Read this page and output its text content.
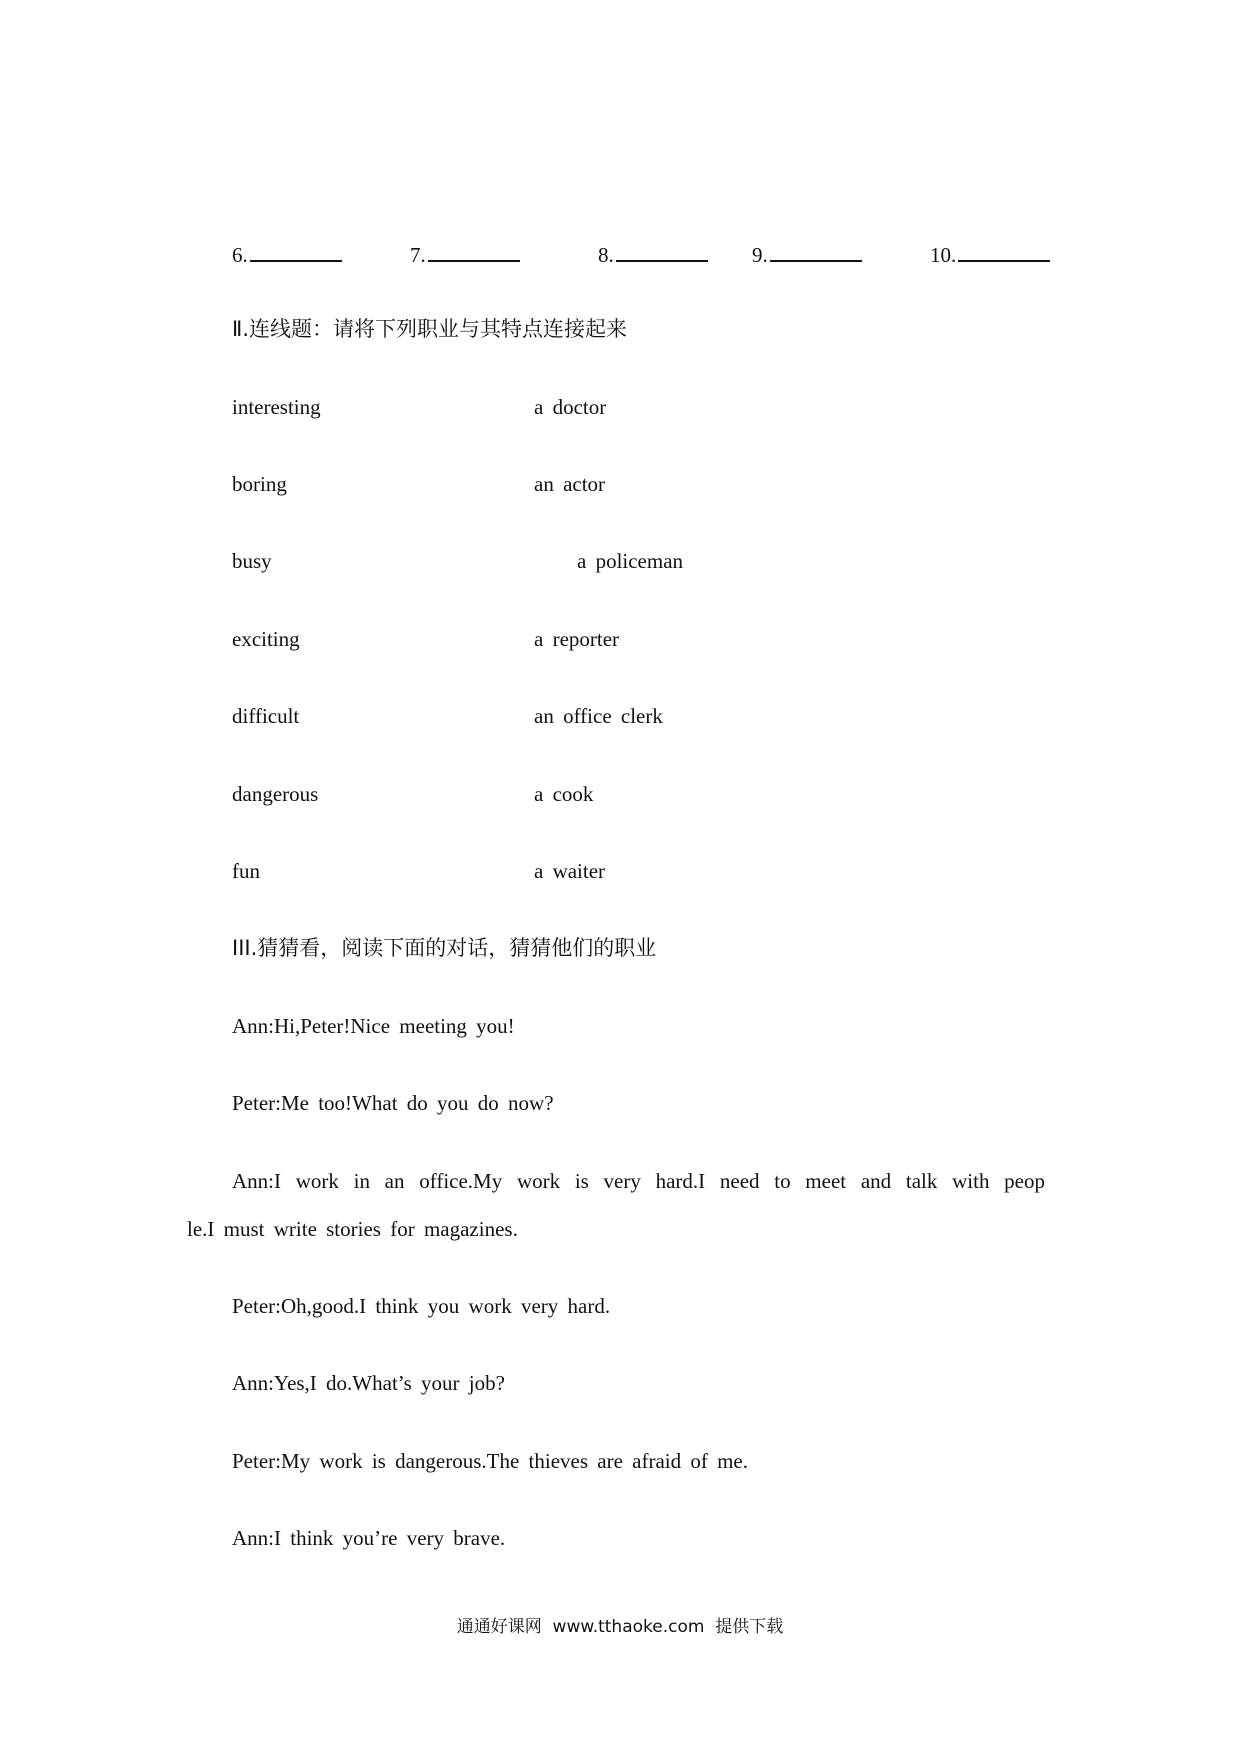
6.	7.	8.	9.	10.
Ⅱ.连线题：请将下列职业与其特点连接起来
interesting	a doctor
boring	an actor
busy	a policeman
exciting	a reporter
difficult	an office clerk
dangerous	a cook
fun	a waiter
III.猜猜看，阅读下面的对话，猜猜他们的职业
Ann:Hi,Peter!Nice meeting you!
Peter:Me too!What do you do now?
Ann:I work in an office.My work is very hard.I need to meet and talk with peop
le.I must write stories for magazines.
Peter:Oh,good.I think you work very hard.
Ann:Yes,I do.What’s your job?
Peter:My work is dangerous.The thieves are afraid of me.
Ann:I think you’re very brave.
通通好课网  www.tthaoke.com  提供下载
